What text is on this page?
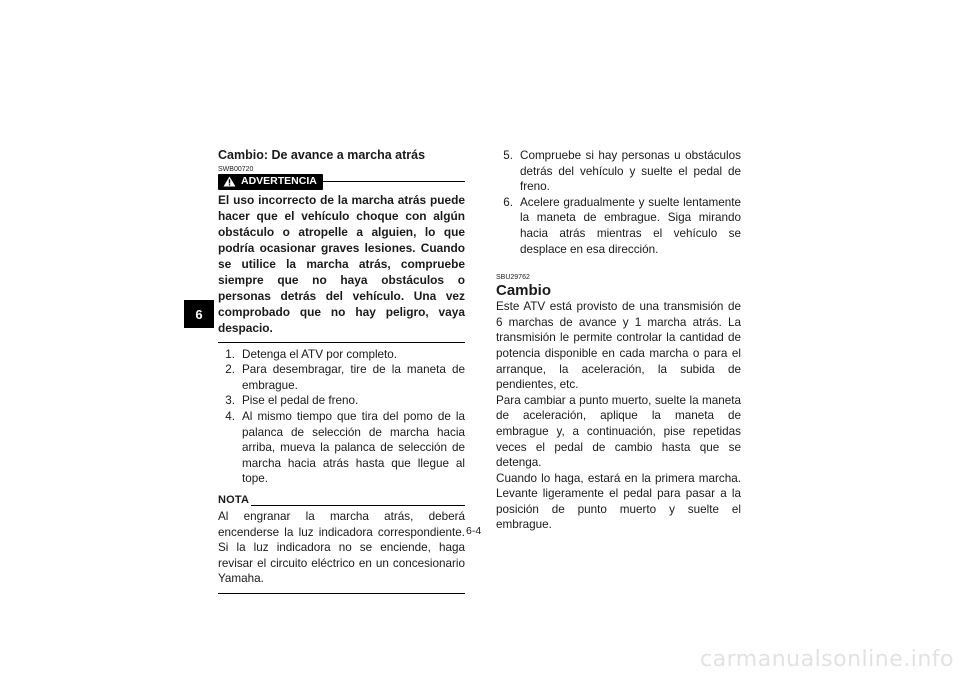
6

Cambio: De avance a marcha atrás

SWB00720
ADVERTENCIA
El uso incorrecto de la marcha atrás puede hacer que el vehículo choque con algún obstáculo o atropelle a alguien, lo que podría ocasionar graves lesiones. Cuando se utilice la marcha atrás, compruebe siempre que no haya obstáculos o personas detrás del vehículo. Una vez comprobado que no hay peligro, vaya despacio.
1. Detenga el ATV por completo.
2. Para desembragar, tire de la maneta de embrague.
3. Pise el pedal de freno.
4. Al mismo tiempo que tira del pomo de la palanca de selección de marcha hacia arriba, mueva la palanca de selección de marcha hacia atrás hasta que llegue al tope.
NOTA
Al engranar la marcha atrás, deberá encenderse la luz indicadora correspondiente. Si la luz indicadora no se enciende, haga revisar el circuito eléctrico en un concesionario Yamaha.
5. Compruebe si hay personas u obstáculos detrás del vehículo y suelte el pedal de freno.
6. Acelere gradualmente y suelte lentamente la maneta de embrague. Siga mirando hacia atrás mientras el vehículo se desplace en esa dirección.
SBU29762

Cambio

Este ATV está provisto de una transmisión de 6 marchas de avance y 1 marcha atrás. La transmisión le permite controlar la cantidad de potencia disponible en cada marcha o para el arranque, la aceleración, la subida de pendientes, etc.
Para cambiar a punto muerto, suelte la maneta de aceleración, aplique la maneta de embrague y, a continuación, pise repetidas veces el pedal de cambio hasta que se detenga.
Cuando lo haga, estará en la primera marcha. Levante ligeramente el pedal para pasar a la posición de punto muerto y suelte el embrague.
6-4
carmanualsonline.info
